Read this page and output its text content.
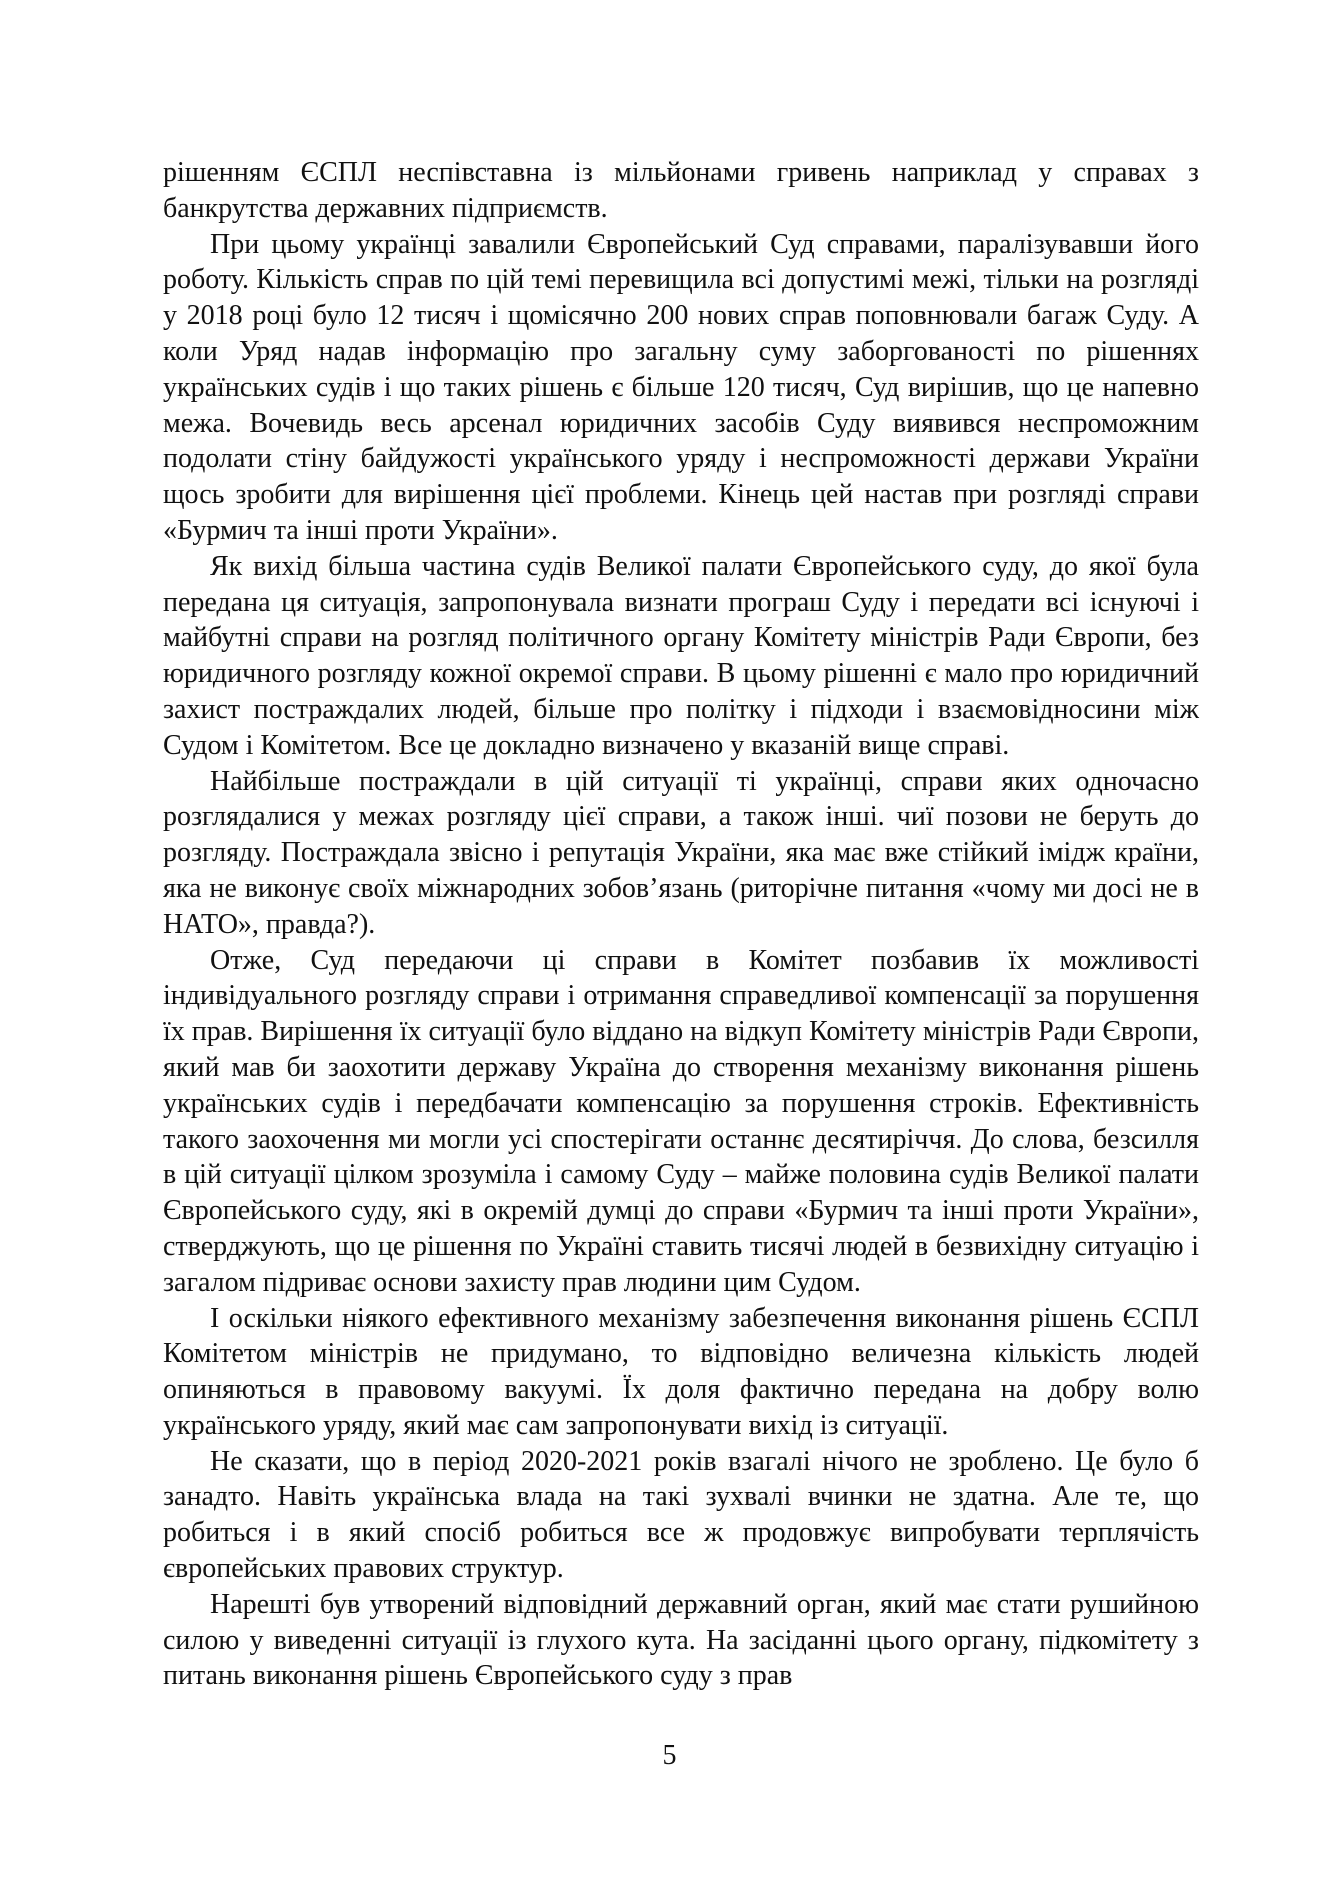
рішенням ЄСПЛ неспівставна із мільйонами гривень наприклад у справах з банкрутства державних підприємств.

При цьому українці завалили Європейський Суд справами, паралізувавши його роботу. Кількість справ по цій темі перевищила всі допустимі межі, тільки на розгляді у 2018 році було 12 тисяч і щомісячно 200 нових справ поповнювали багаж Суду. А коли Уряд надав інформацію про загальну суму заборгованості по рішеннях українських судів і що таких рішень є більше 120 тисяч, Суд вирішив, що це напевно межа. Вочевидь весь арсенал юридичних засобів Суду виявився неспроможним подолати стіну байдужості українського уряду і неспроможності держави України щось зробити для вирішення цієї проблеми. Кінець цей настав при розгляді справи «Бурмич та інші проти України».

Як вихід більша частина судів Великої палати Європейського суду, до якої була передана ця ситуація, запропонувала визнати програш Суду і передати всі існуючі і майбутні справи на розгляд політичного органу Комітету міністрів Ради Європи, без юридичного розгляду кожної окремої справи. В цьому рішенні є мало про юридичний захист постраждалих людей, більше про політку і підходи і взаємовідносини між Судом і Комітетом. Все це докладно визначено у вказаній вище справі.

Найбільше постраждали в цій ситуації ті українці, справи яких одночасно розглядалися у межах розгляду цієї справи, а також інші. чиї позови не беруть до розгляду. Постраждала звісно і репутація України, яка має вже стійкий імідж країни, яка не виконує своїх міжнародних зобов’язань (риторічне питання «чому ми досі не в НАТО», правда?).

Отже, Суд передаючи ці справи в Комітет позбавив їх можливості індивідуального розгляду справи і отримання справедливої компенсації за порушення їх прав. Вирішення їх ситуації було віддано на відкуп Комітету міністрів Ради Європи, який мав би заохотити державу Україна до створення механізму виконання рішень українських судів і передбачати компенсацію за порушення строків. Ефективність такого заохочення ми могли усі спостерігати останнє десятиріччя. До слова, безсилля в цій ситуації цілком зрозуміла і самому Суду – майже половина судів Великої палати Європейського суду, які в окремій думці до справи «Бурмич та інші проти України», стверджують, що це рішення по Україні ставить тисячі людей в безвихідну ситуацію і загалом підриває основи захисту прав людини цим Судом.

І оскільки ніякого ефективного механізму забезпечення виконання рішень ЄСПЛ Комітетом міністрів не придумано, то відповідно величезна кількість людей опиняються в правовому вакуумі. Їх доля фактично передана на добру волю українського уряду, який має сам запропонувати вихід із ситуації.

Не сказати, що в період 2020-2021 років взагалі нічого не зроблено. Це було б занадто. Навіть українська влада на такі зухвалі вчинки не здатна. Але те, що робиться і в який спосіб робиться все ж продовжує випробувати терплячість європейських правових структур.

Нарешті був утворений відповідний державний орган, який має стати рушийною силою у виведенні ситуації із глухого кута. На засіданні цього органу, підкомітету з питань виконання рішень Європейського суду з прав

5
